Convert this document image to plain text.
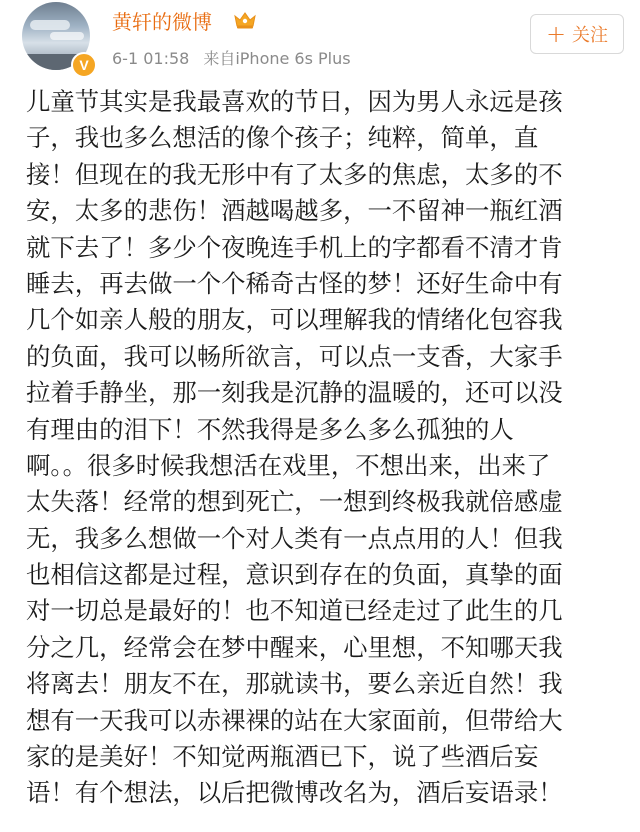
V
黄轩的微博
6-1 01:58 来自iPhone 6s Plus
+ 关注
儿童节其实是我最喜欢的节日，因为男人永远是孩
子，我也多么想活的像个孩子；纯粹，简单，直
接！但现在的我无形中有了太多的焦虑，太多的不
安，太多的悲伤！酒越喝越多，一不留神一瓶红酒
就下去了！多少个夜晚连手机上的字都看不清才肯
睡去，再去做一个个稀奇古怪的梦！还好生命中有
几个如亲人般的朋友，可以理解我的情绪化包容我
的负面，我可以畅所欲言，可以点一支香，大家手
拉着手静坐，那一刻我是沉静的温暖的，还可以没
有理由的泪下！不然我得是多么多么孤独的人
啊。。很多时候我想活在戏里，不想出来，出来了
太失落！经常的想到死亡，一想到终极我就倍感虚
无，我多么想做一个对人类有一点点用的人！但我
也相信这都是过程，意识到存在的负面，真挚的面
对一切总是最好的！也不知道已经走过了此生的几
分之几，经常会在梦中醒来，心里想，不知哪天我
将离去！朋友不在，那就读书，要么亲近自然！我
想有一天我可以赤裸裸的站在大家面前，但带给大
家的是美好！不知觉两瓶酒已下，说了些酒后妄
语！有个想法，以后把微博改名为，酒后妄语录！
